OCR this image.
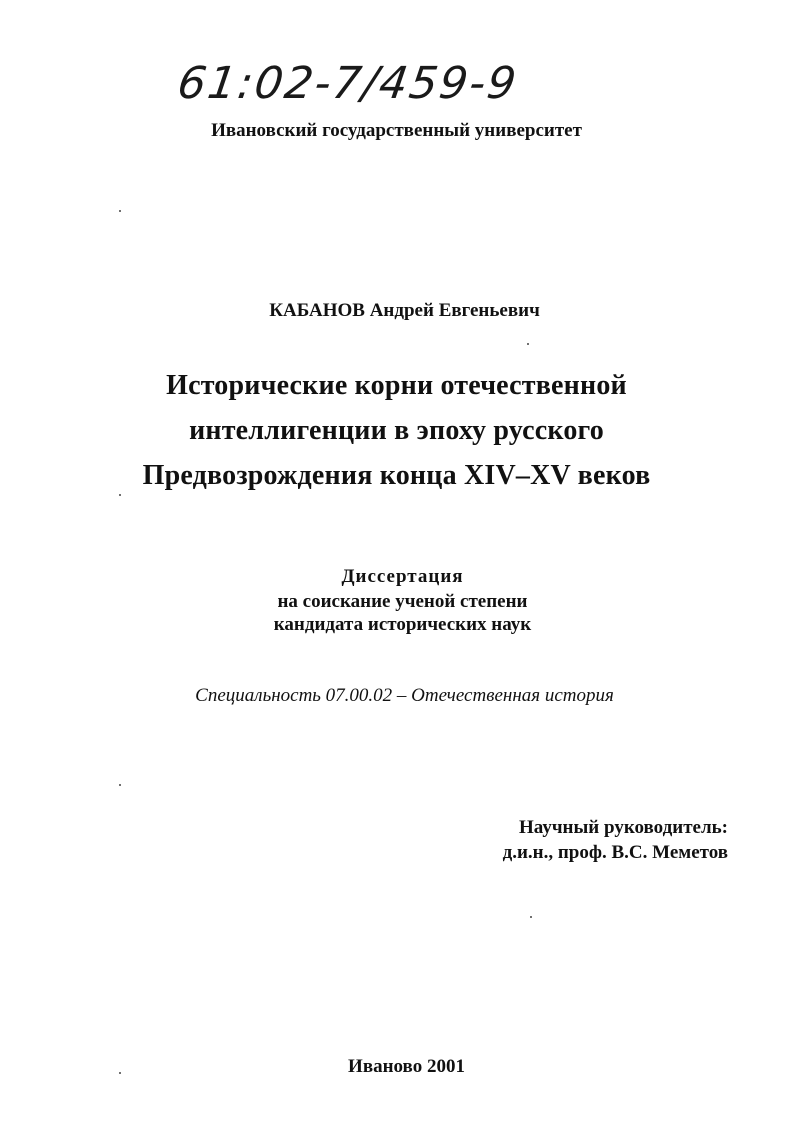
61:02-7/459-9
Ивановский государственный университет
КАБАНОВ Андрей Евгеньевич
Исторические корни отечественной
интеллигенции в эпоху русского
Предвозрождения конца XIV–XV веков
Диссертация
на соискание ученой степени
кандидата исторических наук
Специальность 07.00.02 – Отечественная история
Научный руководитель:
д.и.н., проф. В.С. Меметов
Иваново 2001
